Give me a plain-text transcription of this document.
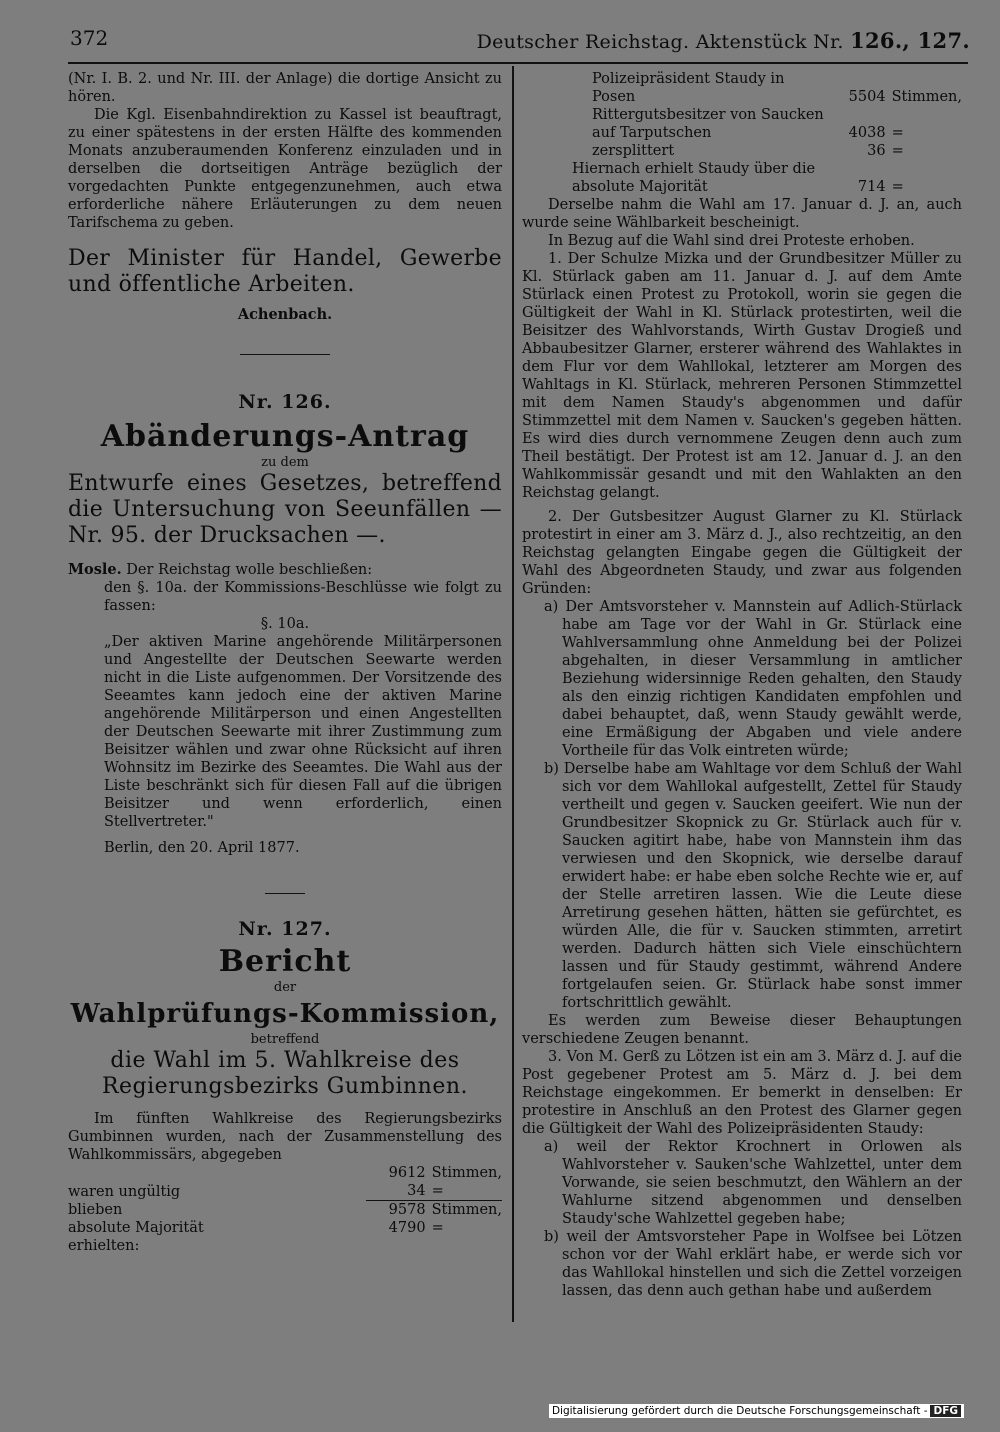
372	Deutscher Reichstag. Aktenstück Nr. 126., 127.

(Nr. I. B. 2. und Nr. III. der Anlage) die dortige Ansicht zu hören.

Die Kgl. Eisenbahndirektion zu Kassel ist beauftragt, zu einer spätestens in der ersten Hälfte des kommenden Monats anzuberaumenden Konferenz einzuladen und in derselben die dortseitigen Anträge bezüglich der vorgedachten Punkte entgegenzunehmen, auch etwa erforderliche nähere Erläuterungen zu dem neuen Tarifschema zu geben.

Der Minister für Handel, Gewerbe und öffentliche Arbeiten.

Achenbach.

Nr. 126.

Abänderungs-Antrag

zu dem

Entwurfe eines Gesetzes, betreffend die Untersuchung von Seeunfällen — Nr. 95. der Drucksachen —.

Mosle. Der Reichstag wolle beschließen:

den §. 10a. der Kommissions-Beschlüsse wie folgt zu fassen:

§. 10a.

„Der aktiven Marine angehörende Militärpersonen und Angestellte der Deutschen Seewarte werden nicht in die Liste aufgenommen. Der Vorsitzende des Seeamtes kann jedoch eine der aktiven Marine angehörende Militärperson und einen Angestellten der Deutschen Seewarte mit ihrer Zustimmung zum Beisitzer wählen und zwar ohne Rücksicht auf ihren Wohnsitz im Bezirke des Seeamtes. Die Wahl aus der Liste beschränkt sich für diesen Fall auf die übrigen Beisitzer und wenn erforderlich, einen Stellvertreter."

Berlin, den 20. April 1877.

Nr. 127.

Bericht

der

Wahlprüfungs-Kommission,

betreffend

die Wahl im 5. Wahlkreise des Regierungsbezirks Gumbinnen.

Im fünften Wahlkreise des Regierungsbezirks Gumbinnen wurden, nach der Zusammenstellung des Wahlkommissärs, abgegeben

	9612	Stimmen,
waren ungültig	34	=
blieben	9578	Stimmen,
absolute Majorität	4790	=
erhielten:		
Polizeipräsident Staudy in Posen	5504	Stimmen,
Rittergutsbesitzer von Saucken auf Tarputschen	4038	=
zersplittert	36	=
Hiernach erhielt Staudy über die absolute Majorität	714	=

Derselbe nahm die Wahl am 17. Januar d. J. an, auch wurde seine Wählbarkeit bescheinigt.

In Bezug auf die Wahl sind drei Proteste erhoben.

1. Der Schulze Mizka und der Grundbesitzer Müller zu Kl. Stürlack gaben am 11. Januar d. J. auf dem Amte Stürlack einen Protest zu Protokoll, worin sie gegen die Gültigkeit der Wahl in Kl. Stürlack protestirten, weil die Beisitzer des Wahlvorstands, Wirth Gustav Drogieß und Abbaubesitzer Glarner, ersterer während des Wahlaktes in dem Flur vor dem Wahllokal, letzterer am Morgen des Wahltags in Kl. Stürlack, mehreren Personen Stimmzettel mit dem Namen Staudy's abgenommen und dafür Stimmzettel mit dem Namen v. Saucken's gegeben hätten. Es wird dies durch vernommene Zeugen denn auch zum Theil bestätigt. Der Protest ist am 12. Januar d. J. an den Wahlkommissär gesandt und mit den Wahlakten an den Reichstag gelangt.

2. Der Gutsbesitzer August Glarner zu Kl. Stürlack protestirt in einer am 3. März d. J., also rechtzeitig, an den Reichstag gelangten Eingabe gegen die Gültigkeit der Wahl des Abgeordneten Staudy, und zwar aus folgenden Gründen:

a) Der Amtsvorsteher v. Mannstein auf Adlich-Stürlack habe am Tage vor der Wahl in Gr. Stürlack eine Wahlversammlung ohne Anmeldung bei der Polizei abgehalten, in dieser Versammlung in amtlicher Beziehung widersinnige Reden gehalten, den Staudy als den einzig richtigen Kandidaten empfohlen und dabei behauptet, daß, wenn Staudy gewählt werde, eine Ermäßigung der Abgaben und viele andere Vortheile für das Volk eintreten würde;

b) Derselbe habe am Wahltage vor dem Schluß der Wahl sich vor dem Wahllokal aufgestellt, Zettel für Staudy vertheilt und gegen v. Saucken geeifert. Wie nun der Grundbesitzer Skopnick zu Gr. Stürlack auch für v. Saucken agitirt habe, habe von Mannstein ihm das verwiesen und den Skopnick, wie derselbe darauf erwidert habe: er habe eben solche Rechte wie er, auf der Stelle arretiren lassen. Wie die Leute diese Arretirung gesehen hätten, hätten sie gefürchtet, es würden Alle, die für v. Saucken stimmten, arretirt werden. Dadurch hätten sich Viele einschüchtern lassen und für Staudy gestimmt, während Andere fortgelaufen seien. Gr. Stürlack habe sonst immer fortschrittlich gewählt.

Es werden zum Beweise dieser Behauptungen verschiedene Zeugen benannt.

3. Von M. Gerß zu Lötzen ist ein am 3. März d. J. auf die Post gegebener Protest am 5. März d. J. bei dem Reichstage eingekommen. Er bemerkt in denselben: Er protestire in Anschluß an den Protest des Glarner gegen die Gültigkeit der Wahl des Polizeipräsidenten Staudy:

a) weil der Rektor Krochnert in Orlowen als Wahlvorsteher v. Sauken'sche Wahlzettel, unter dem Vorwande, sie seien beschmutzt, den Wählern an der Wahlurne sitzend abgenommen und denselben Staudy'sche Wahlzettel gegeben habe;

b) weil der Amtsvorsteher Pape in Wolfsee bei Lötzen schon vor der Wahl erklärt habe, er werde sich vor das Wahllokal hinstellen und sich die Zettel vorzeigen lassen, das denn auch gethan habe und außerdem

Digitalisierung gefördert durch die Deutsche Forschungsgemeinschaft - DFG
